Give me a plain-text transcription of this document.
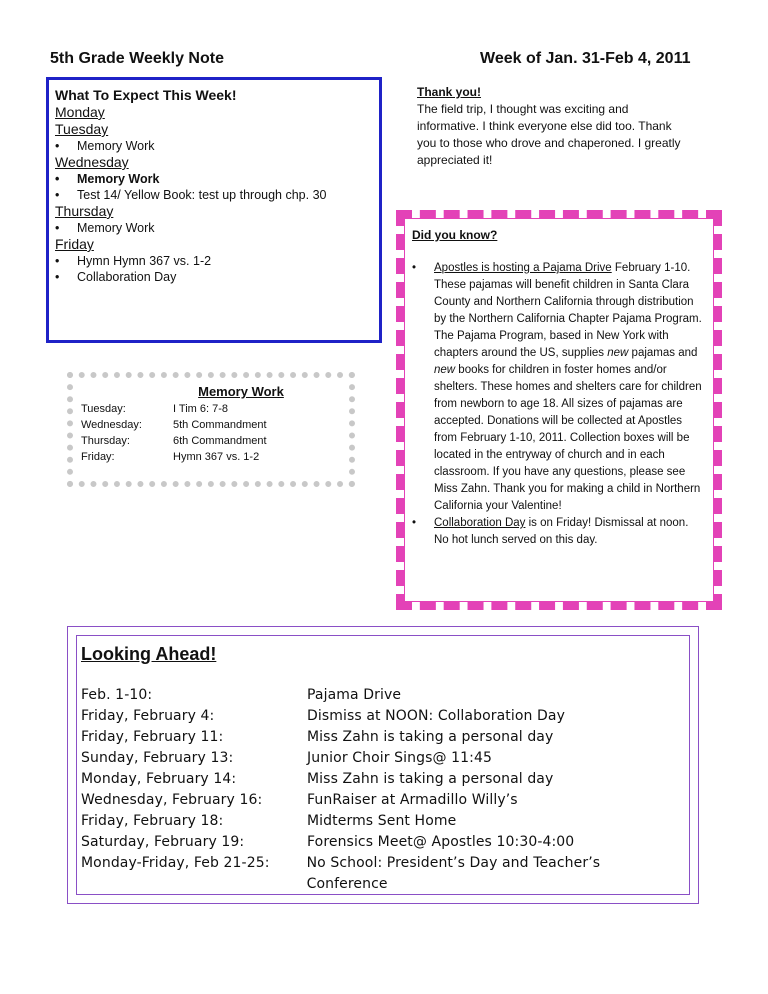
5th Grade Weekly Note	Week of Jan. 31-Feb 4, 2011
What To Expect This Week!
Monday
Tuesday
• Memory Work
Wednesday
• Memory Work
• Test 14/ Yellow Book: test up through chp. 30
Thursday
• Memory Work
Friday
• Hymn Hymn 367 vs. 1-2
• Collaboration Day
Memory Work
Tuesday:	I Tim 6: 7-8
Wednesday:	5th Commandment
Thursday:	6th Commandment
Friday:	Hymn 367 vs. 1-2
Thank you!
The field trip, I thought was exciting and informative. I think everyone else did too. Thank you to those who drove and chaperoned. I greatly appreciated it!
Did you know?
• Apostles is hosting a Pajama Drive February 1-10. These pajamas will benefit children in Santa Clara County and Northern California through distribution by the Northern California Chapter Pajama Program. The Pajama Program, based in New York with chapters around the US, supplies new pajamas and new books for children in foster homes and/or shelters. These homes and shelters care for children from newborn to age 18. All sizes of pajamas are accepted. Donations will be collected at Apostles from February 1-10, 2011. Collection boxes will be located in the entryway of church and in each classroom. If you have any questions, please see Miss Zahn. Thank you for making a child in Northern California your Valentine!
• Collaboration Day is on Friday! Dismissal at noon. No hot lunch served on this day.
Looking Ahead!
Feb. 1-10:	Pajama Drive
Friday, February 4:	Dismiss at NOON: Collaboration Day
Friday, February 11:	Miss Zahn is taking a personal day
Sunday, February 13:	Junior Choir Sings@ 11:45
Monday, February 14:	Miss Zahn is taking a personal day
Wednesday, February 16:	FunRaiser at Armadillo Willy’s
Friday, February 18:	Midterms Sent Home
Saturday, February 19:	Forensics Meet@ Apostles 10:30-4:00
Monday-Friday, Feb 21-25:	No School: President’s Day and Teacher’s Conference
